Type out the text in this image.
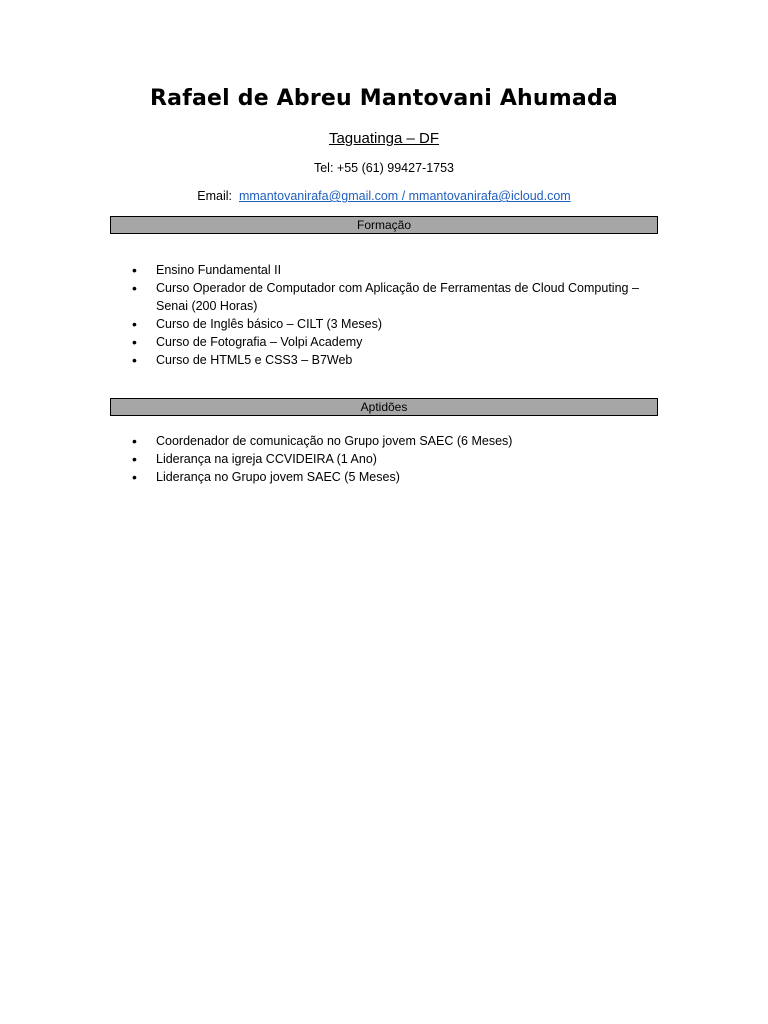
Rafael de Abreu Mantovani Ahumada
Taguatinga – DF
Tel: +55 (61) 99427-1753
Email: mmantovanirafa@gmail.com / mmantovanirafa@icloud.com
Formação
• Ensino Fundamental II
• Curso Operador de Computador com Aplicação de Ferramentas de Cloud Computing – Senai (200 Horas)
• Curso de Inglês básico – CILT (3 Meses)
• Curso de Fotografia – Volpi Academy
• Curso de HTML5 e CSS3 – B7Web
Aptidões
• Coordenador de comunicação no Grupo jovem SAEC (6 Meses)
• Liderança na igreja CCVIDEIRA (1 Ano)
• Liderança no Grupo jovem SAEC (5 Meses)
